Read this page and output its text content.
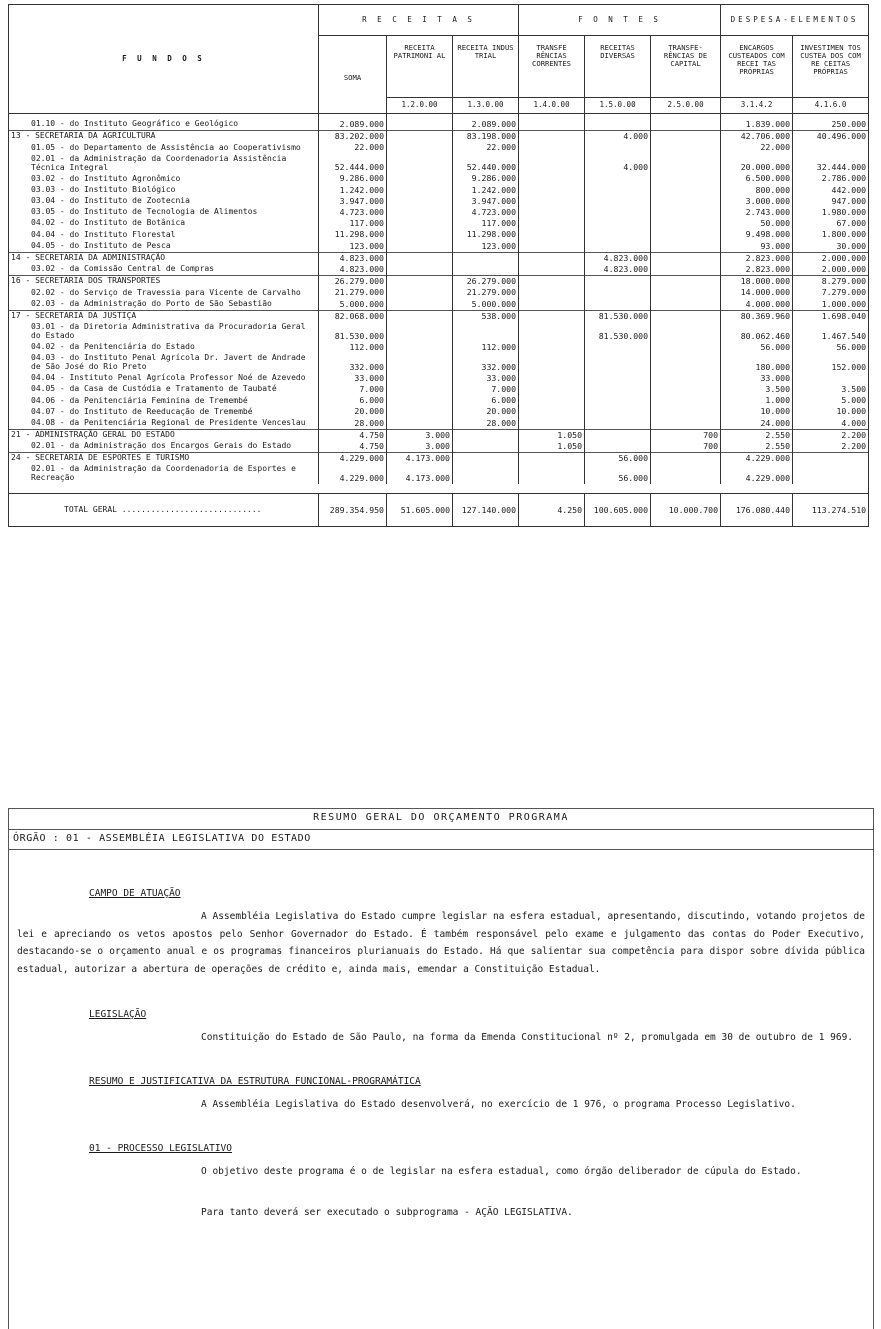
F U N D O S	R E C E I T A S			F O N T E S			DESPESA-ELEMENTOS	
	SOMA	RECEITA PATRIMONI AL	RECEITA INDUS TRIAL	TRANSFE RÊNCIAS CORRENTES	RECEITAS DIVERSAS	TRANSFE- RÊNCIAS DE CAPITAL	ENCARGOS CUSTEADOS COM RECEI TAS PRÓPRIAS	INVESTIMEN TOS CUSTEA DOS COM RE CEITAS PRÓPRIAS
		1.2.0.00	1.3.0.00	1.4.0.00	1.5.0.00	2.5.0.00	3.1.4.2	4.1.6.0
01.10 - do Instituto Geográfico e Geológico	2.089.000		2.089.000				1.839.000	250.000
13 - SECRETARIA DA AGRICULTURA	83.202.000		83.198.000		4.000		42.706.000	40.496.000
01.05 - do Departamento de Assistência ao Cooperativismo	22.000		22.000				22.000	
02.01 - da Administração da Coordenadoria Assistência Técnica Integral	52.444.000		52.440.000		4.000		20.000.000	32.444.000
03.02 - do Instituto Agronômico	9.286.000		9.286.000				6.500.000	2.786.000
03.03 - do Instituto Biológico	1.242.000		1.242.000				800.000	442.000
03.04 - do Instituto de Zootecnia	3.947.000		3.947.000				3.000.000	947.000
03.05 - do Instituto de Tecnologia de Alimentos	4.723.000		4.723.000				2.743.000	1.980.000
04.02 - do Instituto de Botânica	117.000		117.000				50.000	67.000
04.04 - do Instituto Florestal	11.298.000		11.298.000				9.498.000	1.800.000
04.05 - do Instituto de Pesca	123.000		123.000				93.000	30.000
14 - SECRETARIA DA ADMINISTRAÇÃO	4.823.000				4.823.000		2.823.000	2.000.000
03.02 - da Comissão Central de Compras	4.823.000				4.823.000		2.823.000	2.000.000
16 - SECRETARIA DOS TRANSPORTES	26.279.000		26.279.000				18.000.000	8.279.000
02.02 - do Serviço de Travessia para Vicente de Carvalho	21.279.000		21.279.000				14.000.000	7.279.000
02.03 - da Administração do Porto de São Sebastião	5.000.000		5.000.000				4.000.000	1.000.000
17 - SECRETARIA DA JUSTIÇA	82.068.000		538.000		81.530.000		80.369.960	1.698.040
03.01 - da Diretoria Administrativa da Procuradoria Geral do Estado	81.530.000				81.530.000		80.062.460	1.467.540
04.02 - da Penitenciária do Estado	112.000		112.000				56.000	56.000
04.03 - do Instituto Penal Agrícola Dr. Javert de Andrade de São José do Rio Preto	332.000		332.000				180.000	152.000
04.04 - Instituto Penal Agrícola Professor Noé de Azevedo	33.000		33.000				33.000	
04.05 - da Casa de Custódia e Tratamento de Taubaté	7.000		7.000				3.500	3.500
04.06 - da Penitenciária Feminina de Tremembé	6.000		6.000				1.000	5.000
04.07 - do Instituto de Reeducação de Tremembé	20.000		20.000				10.000	10.000
04.08 - da Penitenciária Regional de Presidente Venceslau	28.000		28.000				24.000	4.000
21 - ADMINISTRAÇÃO GERAL DO ESTADO	4.750	3.000		1.050		700	2.550	2.200
02.01 - da Administração dos Encargos Gerais do Estado	4.750	3.000		1.050		700	2.550	2.200
24 - SECRETARIA DE ESPORTES E TURISMO	4.229.000	4.173.000			56.000		4.229.000	
02.01 - da Administração da Coordenadoria de Esportes e Recreação	4.229.000	4.173.000			56.000		4.229.000	

TOTAL GERAL .............................	289.354.950	51.605.000	127.140.000	4.250	100.605.000	10.000.700	176.080.440	113.274.510
RESUMO GERAL DO ORÇAMENTO PROGRAMA
ÓRGÃO : 01 - ASSEMBLÉIA LEGISLATIVA DO ESTADO
CAMPO DE ATUAÇÃO
A Assembléia Legislativa do Estado cumpre legislar na esfera estadual, apresentando, discutindo, votando projetos de lei e apreciando os vetos apostos pelo Senhor Governador do Estado. É também responsável pelo exame e julgamento das contas do Poder Executivo, destacando-se o orçamento anual e os programas financeiros plurianuais do Estado. Há que salientar sua competência para dispor sobre dívida pública estadual, autorizar a abertura de operações de crédito e, ainda mais, emendar a Constituição Estadual.
LEGISLAÇÃO
Constituição do Estado de São Paulo, na forma da Emenda Constitucional nº 2, promulgada em 30 de outubro de 1 969.
RESUMO E JUSTIFICATIVA DA ESTRUTURA FUNCIONAL-PROGRAMÁTICA
A Assembléia Legislativa do Estado desenvolverá, no exercício de 1 976, o programa Processo Legislativo.
01 - PROCESSO LEGISLATIVO
O objetivo deste programa é o de legislar na esfera estadual, como órgão deliberador de cúpula do Estado.
Para tanto deverá ser executado o subprograma - AÇÃO LEGISLATIVA.
